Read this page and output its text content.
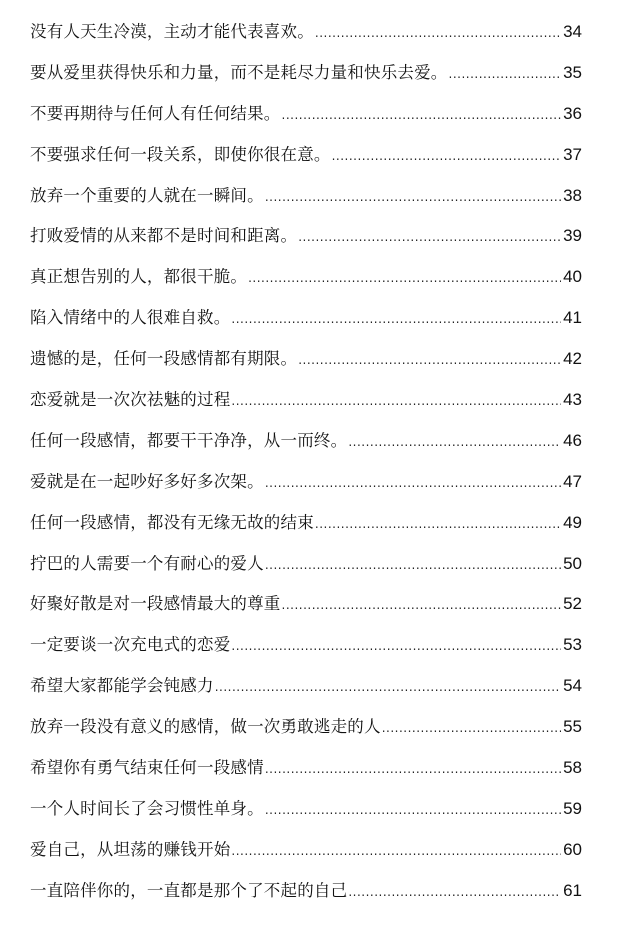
没有人天生冷漠，主动才能代表喜欢。 .....	34
要从爱里获得快乐和力量，而不是耗尽力量和快乐去爱。 .....	35
不要再期待与任何人有任何结果。 .....	36
不要强求任何一段关系，即使你很在意。 .....	37
放弃一个重要的人就在一瞬间。 .....	38
打败爱情的从来都不是时间和距离。 .....	39
真正想告别的人，都很干脆。 .....	40
陷入情绪中的人很难自救。 .....	41
遗憾的是，任何一段感情都有期限。 .....	42
恋爱就是一次次祛魅的过程 .....	43
任何一段感情，都要干干净净，从一而终。 .....	46
爱就是在一起吵好多好多次架。 .....	47
任何一段感情，都没有无缘无故的结束 .....	49
拧巴的人需要一个有耐心的爱人 .....	50
好聚好散是对一段感情最大的尊重 .....	52
一定要谈一次充电式的恋爱 .....	53
希望大家都能学会钝感力 .....	54
放弃一段没有意义的感情，做一次勇敢逃走的人 .....	55
希望你有勇气结束任何一段感情 .....	58
一个人时间长了会习惯性单身。 .....	59
爱自己，从坦荡的赚钱开始 .....	60
一直陪伴你的，一直都是那个了不起的自己 .....	61
